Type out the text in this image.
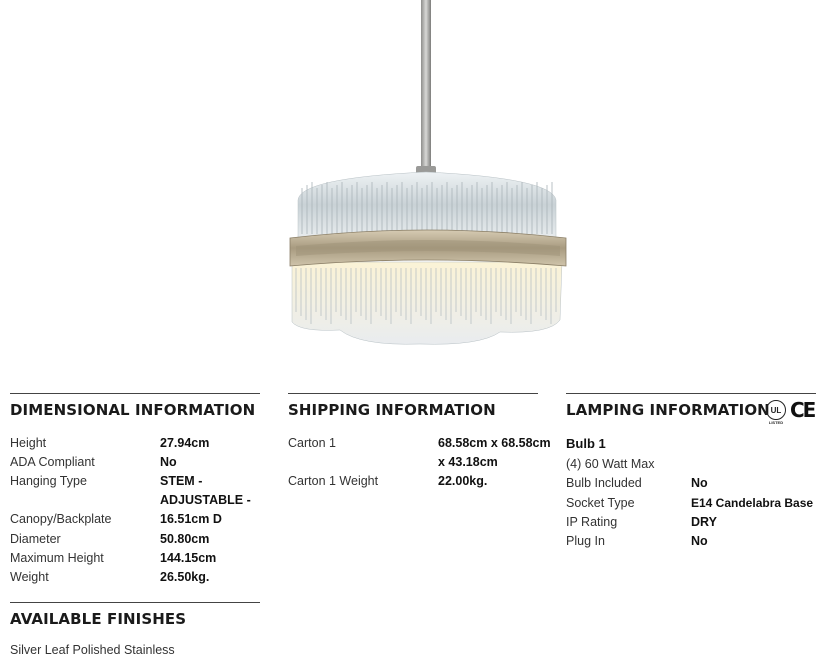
DIMENSIONAL INFORMATION
Height	27.94cm
ADA Compliant	No
Hanging Type	STEM - ADJUSTABLE -
Canopy/Backplate	16.51cm D
Diameter	50.80cm
Maximum Height	144.15cm
Weight	26.50kg.
SHIPPING INFORMATION
Carton 1	68.58cm x 68.58cm x 43.18cm
Carton 1 Weight	22.00kg.
LAMPING INFORMATION UL
LISTED
CE
Bulb 1
(4) 60 Watt Max
Bulb Included	No
Socket Type	E14 Candelabra Base
IP Rating	DRY
Plug In	No
AVAILABLE FINISHES
Silver Leaf Polished Stainless
